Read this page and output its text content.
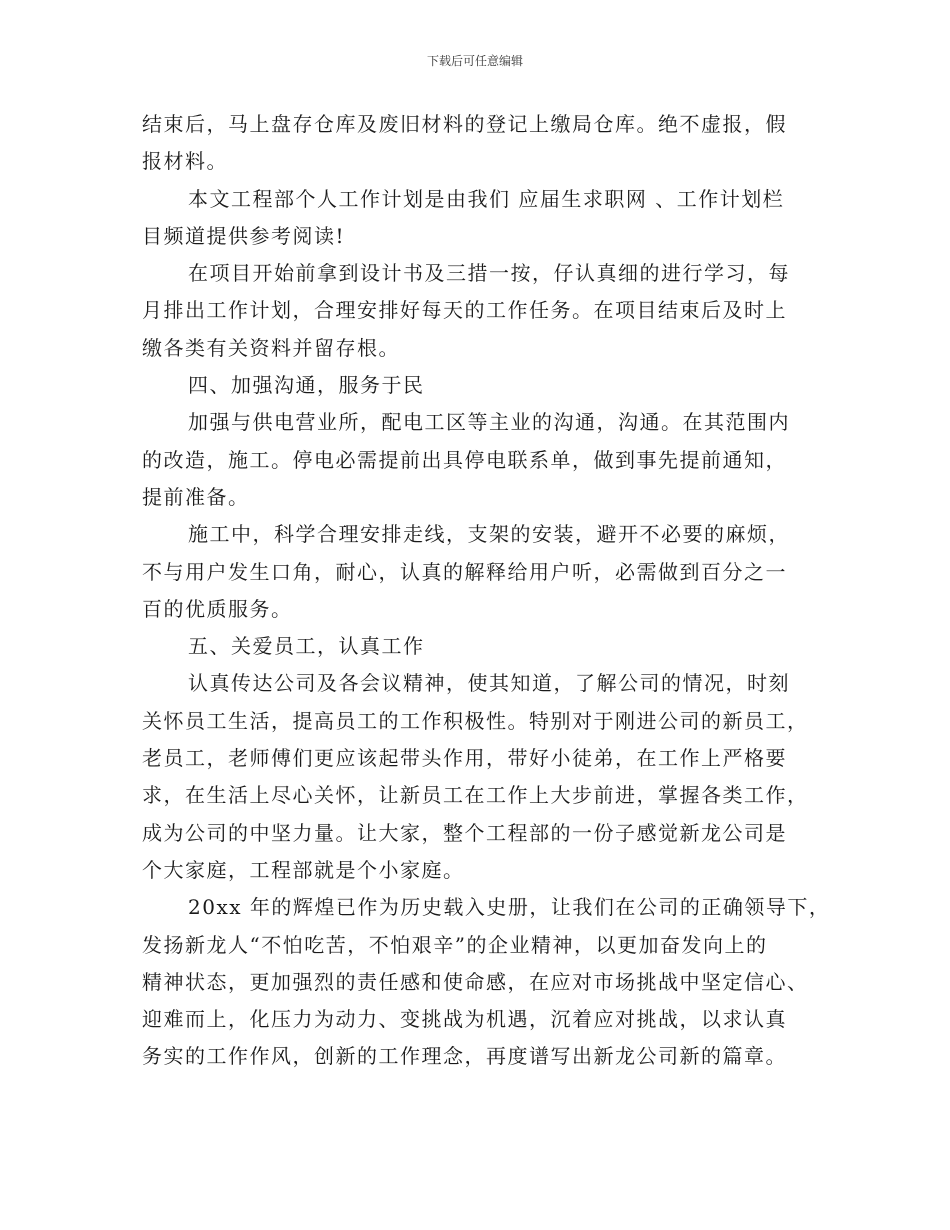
下载后可任意编辑

结束后，马上盘存仓库及废旧材料的登记上缴局仓库。绝不虚报，假
报材料。

本文工程部个人工作计划是由我们 应届生求职网 、工作计划栏
目频道提供参考阅读!

在项目开始前拿到设计书及三措一按，仔认真细的进行学习，每
月排出工作计划，合理安排好每天的工作任务。在项目结束后及时上
缴各类有关资料并留存根。

四、加强沟通，服务于民

加强与供电营业所，配电工区等主业的沟通，沟通。在其范围内
的改造，施工。停电必需提前出具停电联系单，做到事先提前通知，
提前准备。

施工中，科学合理安排走线，支架的安装，避开不必要的麻烦，
不与用户发生口角，耐心，认真的解释给用户听，必需做到百分之一
百的优质服务。

五、关爱员工，认真工作

认真传达公司及各会议精神，使其知道，了解公司的情况，时刻
关怀员工生活，提高员工的工作积极性。特别对于刚进公司的新员工，
老员工，老师傅们更应该起带头作用，带好小徒弟，在工作上严格要
求，在生活上尽心关怀，让新员工在工作上大步前进，掌握各类工作，
成为公司的中坚力量。让大家，整个工程部的一份子感觉新龙公司是
个大家庭，工程部就是个小家庭。

20xx 年的辉煌已作为历史载入史册，让我们在公司的正确领导下，
发扬新龙人“不怕吃苦，不怕艰辛”的企业精神，以更加奋发向上的
精神状态，更加强烈的责任感和使命感，在应对市场挑战中坚定信心、
迎难而上，化压力为动力、变挑战为机遇，沉着应对挑战，以求认真
务实的工作作风，创新的工作理念，再度谱写出新龙公司新的篇章。
